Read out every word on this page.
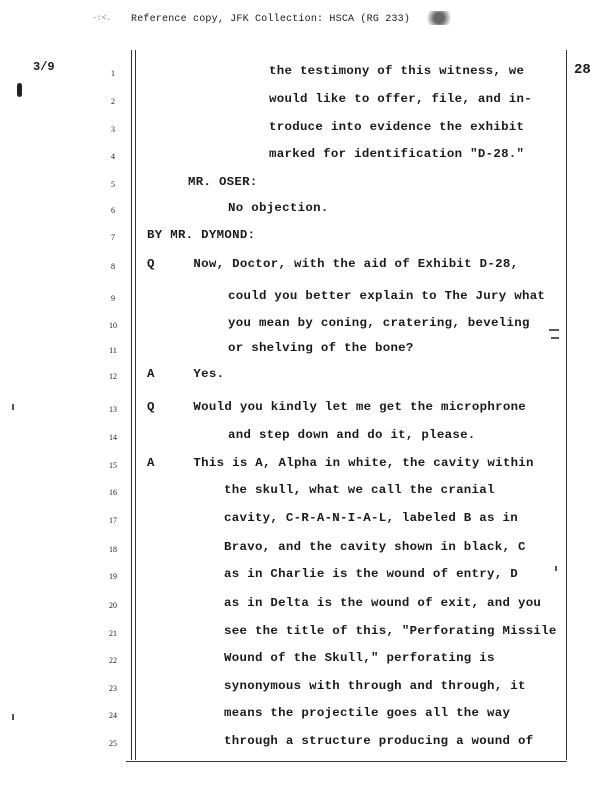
-:<. Reference copy, JFK Collection: HSCA (RG 233)
3/9	28
1	the testimony of this witness, we
2	would like to offer, file, and in-
3	troduce into evidence the exhibit
4	marked for identification "D-28."
5	MR. OSER:
6	No objection.
7	BY MR. DYMOND:
8	Q     Now, Doctor, with the aid of Exhibit D-28,
9	could you better explain to The Jury what
10	you mean by coning, cratering, beveling
11	or shelving of the bone?
12	A     Yes.
13	Q     Would you kindly let me get the microphrone
14	and step down and do it, please.
15	A     This is A, Alpha in white, the cavity within
16	the skull, what we call the cranial
17	cavity, C-R-A-N-I-A-L, labeled B as in
18	Bravo, and the cavity shown in black, C
19	as in Charlie is the wound of entry, D
20	as in Delta is the wound of exit, and you
21	see the title of this, "Perforating Missile
22	Wound of the Skull," perforating is
23	synonymous with through and through, it
24	means the projectile goes all the way
25	through a structure producing a wound of
